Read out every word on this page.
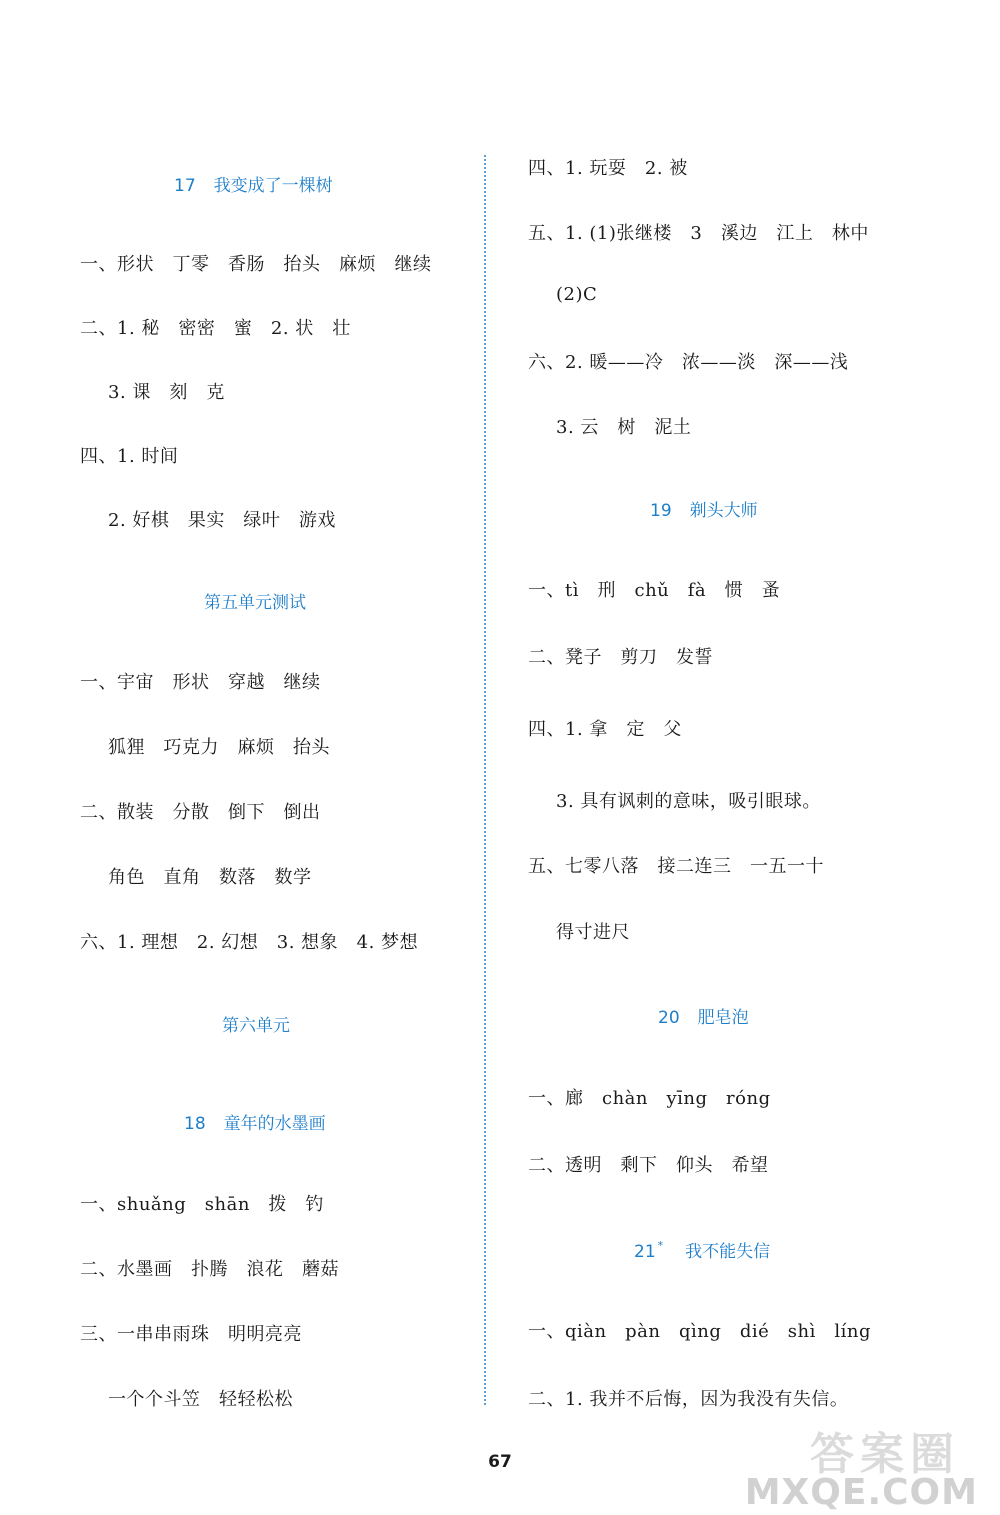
17 我变成了一棵树
一、形状　丁零　香肠　抬头　麻烦　继续
二、1. 秘　密密　蜜　2. 状　壮
3. 课　刻　克
四、1. 时间
2. 好棋　果实　绿叶　游戏
第五单元测试
一、宇宙　形状　穿越　继续
狐狸　巧克力　麻烦　抬头
二、散装　分散　倒下　倒出
角色　直角　数落　数学
六、1. 理想　2. 幻想　3. 想象　4. 梦想
第六单元
18 童年的水墨画
一、shuǎng　shān　拨　钓
二、水墨画　扑腾　浪花　蘑菇
三、一串串雨珠　明明亮亮
一个个斗笠　轻轻松松
四、1. 玩耍　2. 被
五、1. (1)张继楼　3　溪边　江上　林中
(2)C
六、2. 暖——冷　浓——淡　深——浅
3. 云　树　泥土
19 剃头大师
一、tì　刑　chǔ　fà　惯　蚤
二、凳子　剪刀　发誓
四、1. 拿　定　父
3. 具有讽刺的意味，吸引眼球。
五、七零八落　接二连三　一五一十
得寸进尺
20 肥皂泡
一、廊　chàn　yīng　róng
二、透明　剩下　仰头　希望
21 * 我不能失信
一、qiàn　pàn　qìng　dié　shì　líng
二、1. 我并不后悔，因为我没有失信。
67	答案圈
MXQE.COM
